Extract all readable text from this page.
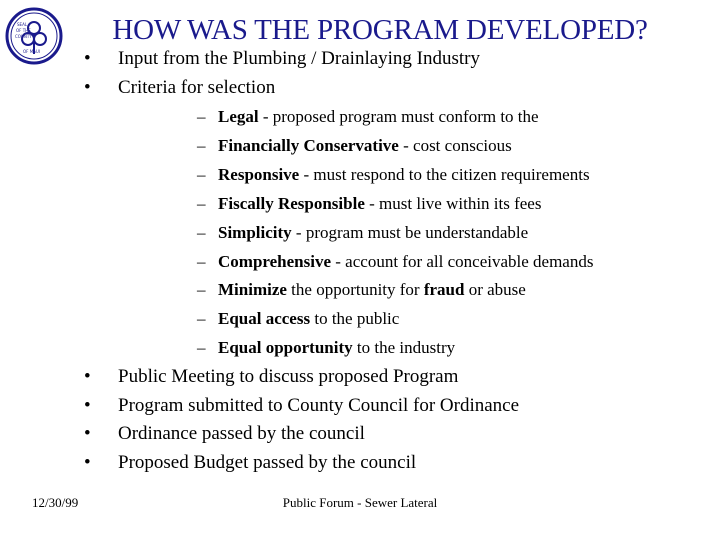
SEAL
OF THE
COUNTY
OF MAUI
HOW WAS THE PROGRAM DEVELOPED?
• Input from the Plumbing / Drainlaying Industry
• Criteria for selection
– Legal - proposed program must conform to the
– Financially Conservative - cost conscious
– Responsive - must respond to the citizen requirements
– Fiscally Responsible - must live within its fees
– Simplicity - program must be understandable
– Comprehensive - account for all conceivable demands
– Minimize the opportunity for fraud or abuse
– Equal access to the public
– Equal opportunity to the industry
• Public Meeting to discuss proposed Program
• Program submitted to County Council for Ordinance
• Ordinance passed by the council
• Proposed Budget passed by the council
12/30/99	Public Forum - Sewer Lateral
